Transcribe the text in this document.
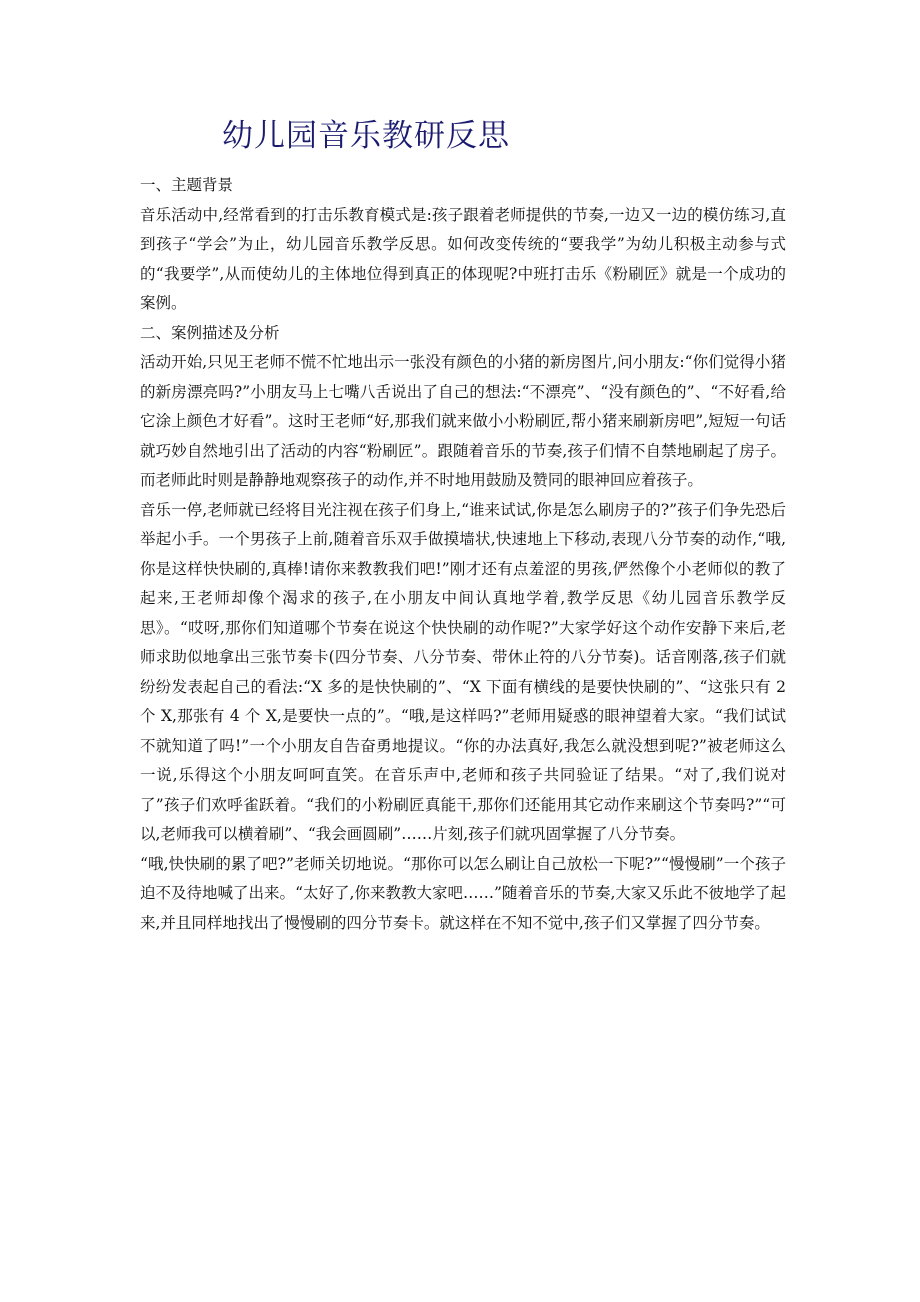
幼儿园音乐教研反思

一、主题背景

音乐活动中,经常看到的打击乐教育模式是:孩子跟着老师提供的节奏,一边又一边的模仿练习,直到孩子“学会”为止，幼儿园音乐教学反思。如何改变传统的“要我学”为幼儿积极主动参与式的“我要学”,从而使幼儿的主体地位得到真正的体现呢?中班打击乐《粉刷匠》就是一个成功的案例。

二、案例描述及分析

活动开始,只见王老师不慌不忙地出示一张没有颜色的小猪的新房图片,问小朋友:“你们觉得小猪的新房漂亮吗?”小朋友马上七嘴八舌说出了自己的想法:“不漂亮”、“没有颜色的”、“不好看,给它涂上颜色才好看”。这时王老师“好,那我们就来做小小粉刷匠,帮小猪来刷新房吧”,短短一句话就巧妙自然地引出了活动的内容“粉刷匠”。跟随着音乐的节奏,孩子们情不自禁地刷起了房子。而老师此时则是静静地观察孩子的动作,并不时地用鼓励及赞同的眼神回应着孩子。

音乐一停,老师就已经将目光注视在孩子们身上,“谁来试试,你是怎么刷房子的?”孩子们争先恐后举起小手。一个男孩子上前,随着音乐双手做摸墙状,快速地上下移动,表现八分节奏的动作,“哦,你是这样快快刷的,真棒!请你来教教我们吧!”刚才还有点羞涩的男孩,俨然像个小老师似的教了起来,王老师却像个渴求的孩子,在小朋友中间认真地学着,教学反思《幼儿园音乐教学反思》。“哎呀,那你们知道哪个节奏在说这个快快刷的动作呢?”大家学好这个动作安静下来后,老师求助似地拿出三张节奏卡(四分节奏、八分节奏、带休止符的八分节奏)。话音刚落,孩子们就纷纷发表起自己的看法:“X 多的是快快刷的”、“X 下面有横线的是要快快刷的”、“这张只有 2 个 X,那张有 4 个 X,是要快一点的”。“哦,是这样吗?”老师用疑惑的眼神望着大家。“我们试试不就知道了吗!”一个小朋友自告奋勇地提议。“你的办法真好,我怎么就没想到呢?”被老师这么一说,乐得这个小朋友呵呵直笑。在音乐声中,老师和孩子共同验证了结果。“对了,我们说对了”孩子们欢呼雀跃着。“我们的小粉刷匠真能干,那你们还能用其它动作来刷这个节奏吗?”“可以,老师我可以横着刷”、“我会画圆刷”……片刻,孩子们就巩固掌握了八分节奏。

“哦,快快刷的累了吧?”老师关切地说。“那你可以怎么刷让自己放松一下呢?”“慢慢刷”一个孩子迫不及待地喊了出来。“太好了,你来教教大家吧……”随着音乐的节奏,大家又乐此不彼地学了起来,并且同样地找出了慢慢刷的四分节奏卡。就这样在不知不觉中,孩子们又掌握了四分节奏。
